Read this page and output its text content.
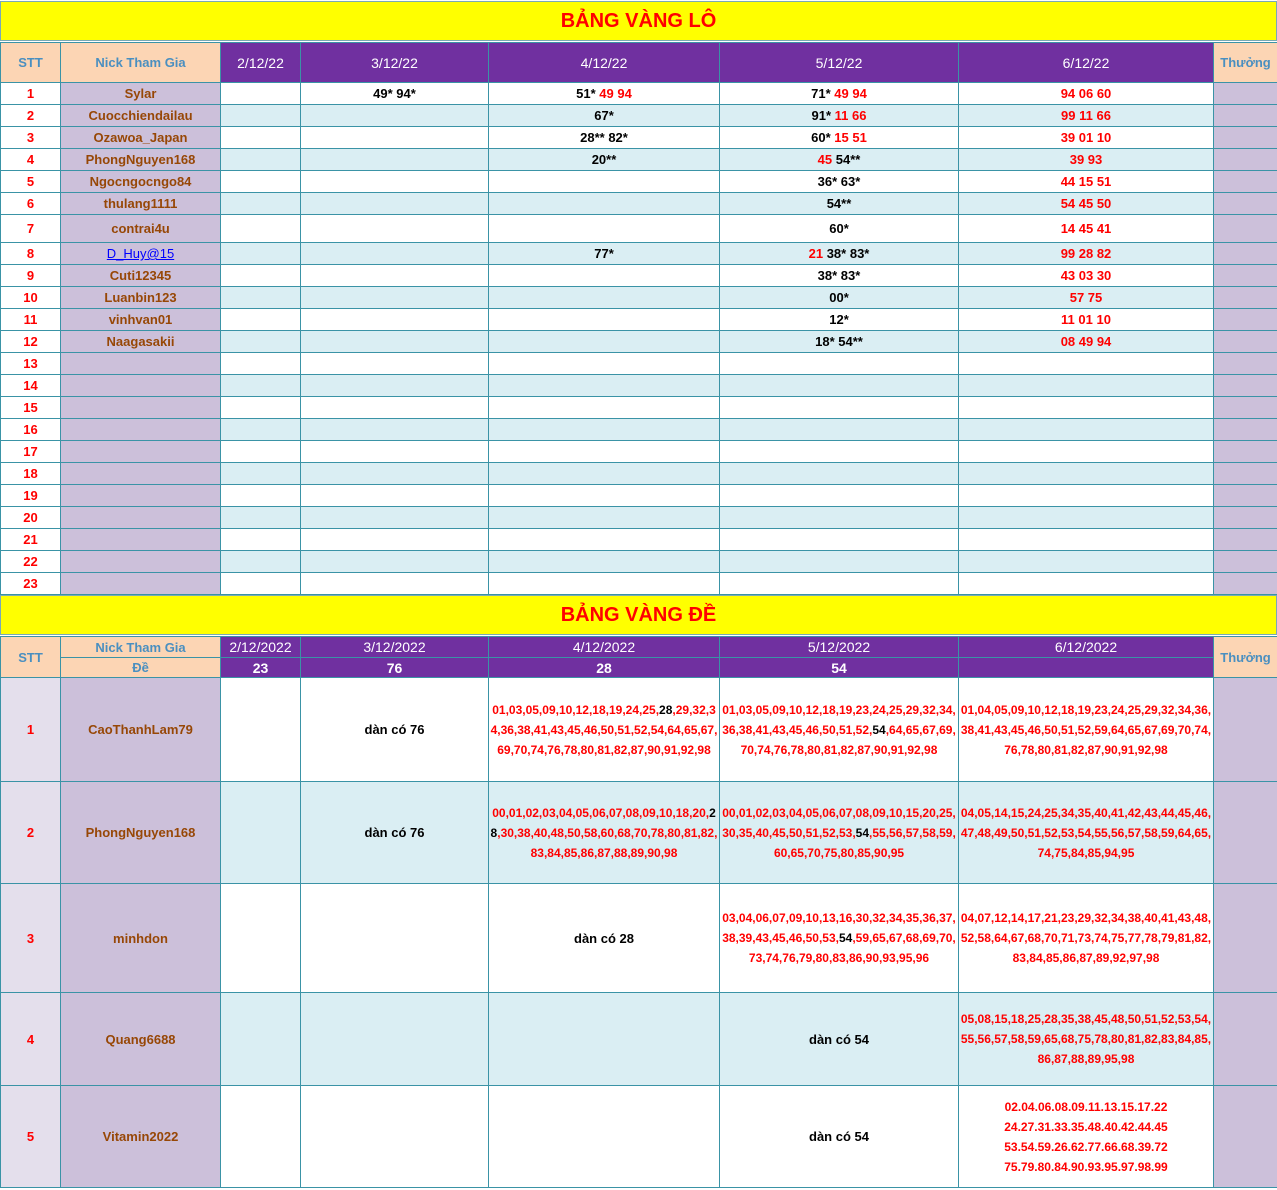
BẢNG VÀNG LÔ
STT	Nick Tham Gia	2/12/22	3/12/22	4/12/22	5/12/22	6/12/22	Thưởng
1	Sylar		49* 94*	51* 49 94	71* 49 94	94 06 60	
2	Cuocchiendailau			67*	91* 11 66	99 11 66	
3	Ozawoa_Japan			28** 82*	60* 15 51	39 01 10	
4	PhongNguyen168			20**	45 54**	39 93	
5	Ngocngocngo84				36* 63*	44 15 51	
6	thulang1111				54**	54 45 50	
7	contrai4u				60*	14 45 41	
8	D_Huy@15			77*	21 38* 83*	99 28 82	
9	Cuti12345				38* 83*	43 03 30	
10	Luanbin123				00*	57 75	
11	vinhvan01				12*	11 01 10	
12	Naagasakii				18* 54**	08 49 94	
13							
14							
15							
16							
17							
18							
19							
20							
21							
22							
23							
BẢNG VÀNG ĐỀ
STT	Nick Tham Gia	2/12/2022	3/12/2022	4/12/2022	5/12/2022	6/12/2022	Thưởng
	Đề	23	76	28	54		
1	CaoThanhLam79		dàn có 76	01,03,05,09,10,12,18,19,24,25,28,29,32,34,36,38,41,43,45,46,50,51,52,54,64,65,67,69,70,74,76,78,80,81,82,87,90,91,92,98	01,03,05,09,10,12,18,19,23,24,25,29,32,34,36,38,41,43,45,46,50,51,52,54,64,65,67,69,70,74,76,78,80,81,82,87,90,91,92,98	01,04,05,09,10,12,18,19,23,24,25,29,32,34,36,38,41,43,45,46,50,51,52,59,64,65,67,69,70,74,76,78,80,81,82,87,90,91,92,98	
2	PhongNguyen168		dàn có 76	00,01,02,03,04,05,06,07,08,09,10,18,20,28,30,38,40,48,50,58,60,68,70,78,80,81,82,83,84,85,86,87,88,89,90,98	00,01,02,03,04,05,06,07,08,09,10,15,20,25,30,35,40,45,50,51,52,53,54,55,56,57,58,59,60,65,70,75,80,85,90,95	04,05,14,15,24,25,34,35,40,41,42,43,44,45,46,47,48,49,50,51,52,53,54,55,56,57,58,59,64,65,74,75,84,85,94,95	
3	minhdon			dàn có 28	03,04,06,07,09,10,13,16,30,32,34,35,36,37,38,39,43,45,46,50,53,54,59,65,67,68,69,70,73,74,76,79,80,83,86,90,93,95,96	04,07,12,14,17,21,23,29,32,34,38,40,41,43,48,52,58,64,67,68,70,71,73,74,75,77,78,79,81,82,83,84,85,86,87,89,92,97,98	
4	Quang6688				dàn có 54	05,08,15,18,25,28,35,38,45,48,50,51,52,53,54,55,56,57,58,59,65,68,75,78,80,81,82,83,84,85,86,87,88,89,95,98	
5	Vitamin2022				dàn có 54	02.04.06.08.09.11.13.15.17.22
24.27.31.33.35.48.40.42.44.45
53.54.59.26.62.77.66.68.39.72
75.79.80.84.90.93.95.97.98.99	
